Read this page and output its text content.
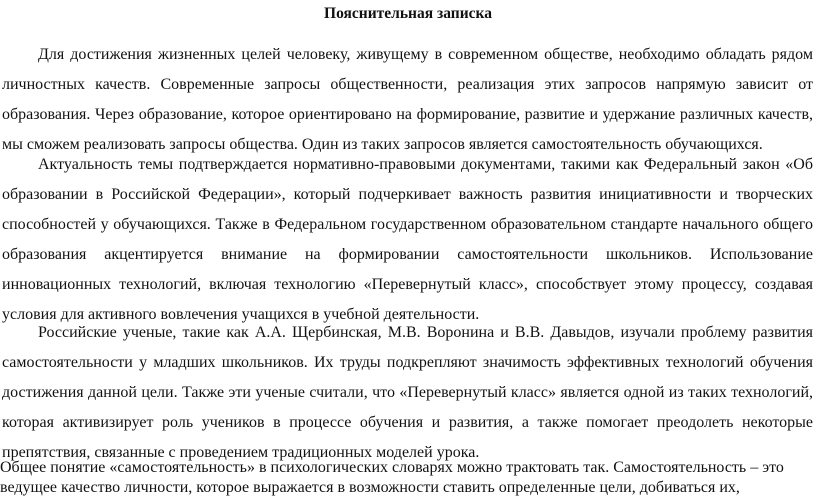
Пояснительная записка

Для достижения жизненных целей человеку, живущему в современном обществе, необходимо обладать рядом личностных качеств. Современные запросы общественности, реализация этих запросов напрямую зависит от образования. Через образование, которое ориентировано на формирование, развитие и удержание различных качеств, мы сможем реализовать запросы общества. Один из таких запросов является самостоятельность обучающихся.

Актуальность темы подтверждается нормативно-правовыми документами, такими как Федеральный закон «Об образовании в Российской Федерации», который подчеркивает важность развития инициативности и творческих способностей у обучающихся. Также в Федеральном государственном образовательном стандарте начального общего образования акцентируется внимание на формировании самостоятельности школьников. Использование инновационных технологий, включая технологию «Перевернутый класс», способствует этому процессу, создавая условия для активного вовлечения учащихся в учебной деятельности.

Российские ученые, такие как А.А. Щербинская, М.В. Воронина и В.В. Давыдов, изучали проблему развития самостоятельности у младших школьников. Их труды подкрепляют значимость эффективных технологий обучения достижения данной цели. Также эти ученые считали, что «Перевернутый класс» является одной из таких технологий, которая активизирует роль учеников в процессе обучения и развития, а также помогает преодолеть некоторые препятствия, связанные с проведением традиционных моделей урока.

Общее понятие «самостоятельность» в психологических словарях можно трактовать так. Самостоятельность – это ведущее качество личности, которое выражается в возможности ставить определенные цели, добиваться их,
